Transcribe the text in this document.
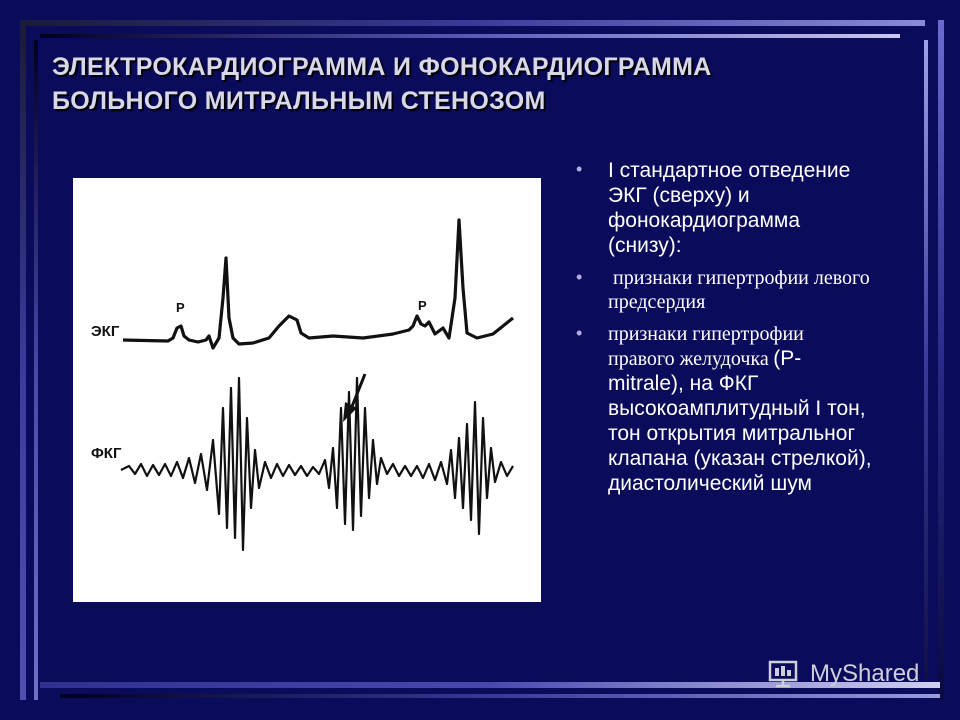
ЭЛЕКТРОКАРДИОГРАММА И ФОНОКАРДИОГРАММА
БОЛЬНОГО МИТРАЛЬНЫМ СТЕНОЗОМ
ЭКГ
ФКГ
P	P
• I стандартное отведение ЭКГ (сверху) и фонокардиограмма (снизу):
• признаки гипертрофии левого предсердия
• признаки гипертрофии правого желудочка (P-mitrale), на ФКГ высокоамплитудный I тон, тон открытия митральног клапана (указан стрелкой), диастолический шум
MyShared
